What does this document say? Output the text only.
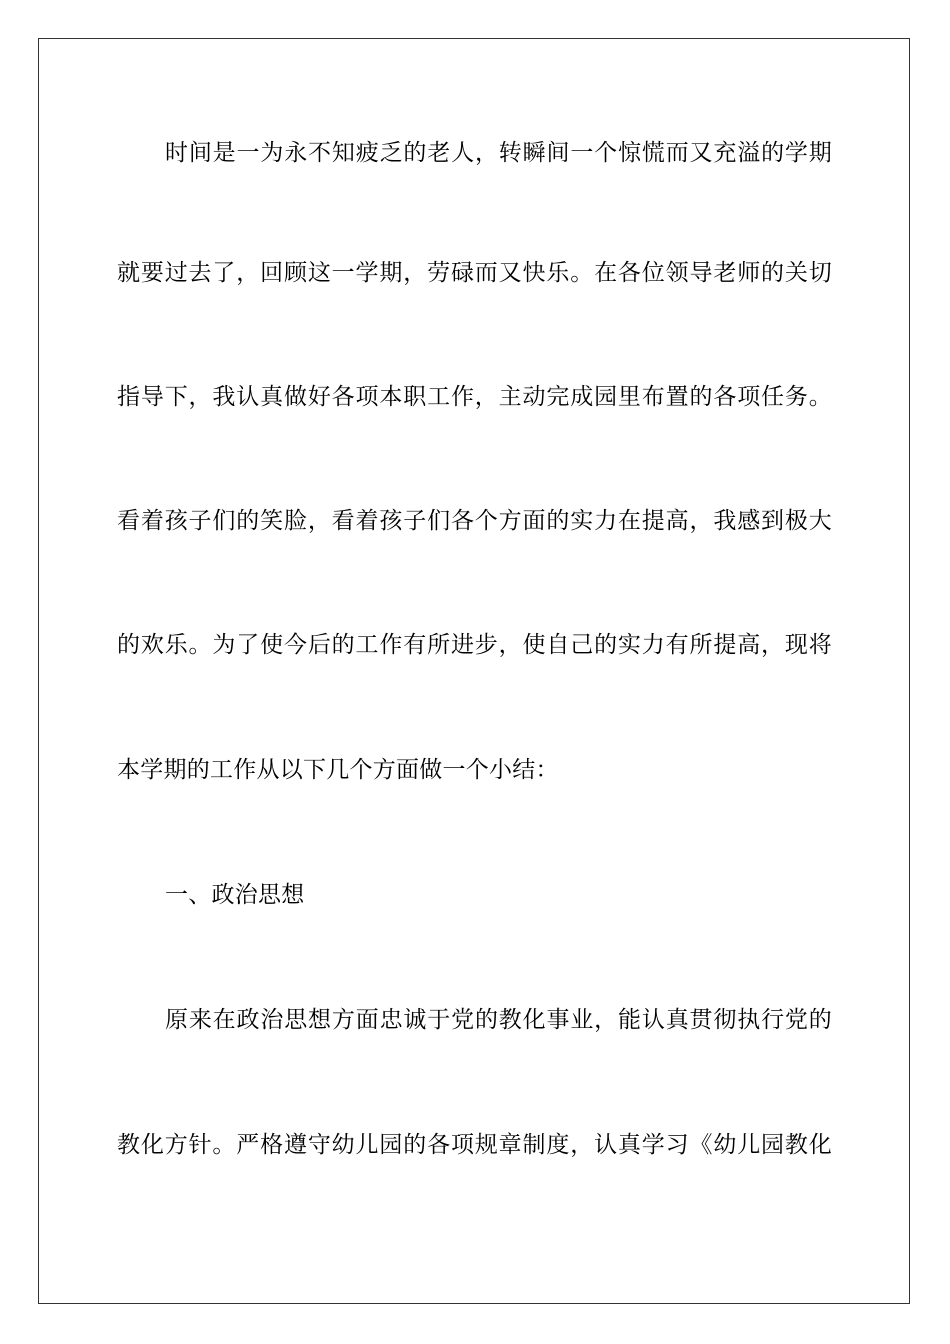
时间是一为永不知疲乏的老人，转瞬间一个惊慌而又充溢的学期
就要过去了，回顾这一学期，劳碌而又快乐。在各位领导老师的关切
指导下，我认真做好各项本职工作，主动完成园里布置的各项任务。
看着孩子们的笑脸，看着孩子们各个方面的实力在提高，我感到极大
的欢乐。为了使今后的工作有所进步，使自己的实力有所提高，现将
本学期的工作从以下几个方面做一个小结：
一、政治思想
原来在政治思想方面忠诚于党的教化事业，能认真贯彻执行党的
教化方针。严格遵守幼儿园的各项规章制度，认真学习《幼儿园教化
